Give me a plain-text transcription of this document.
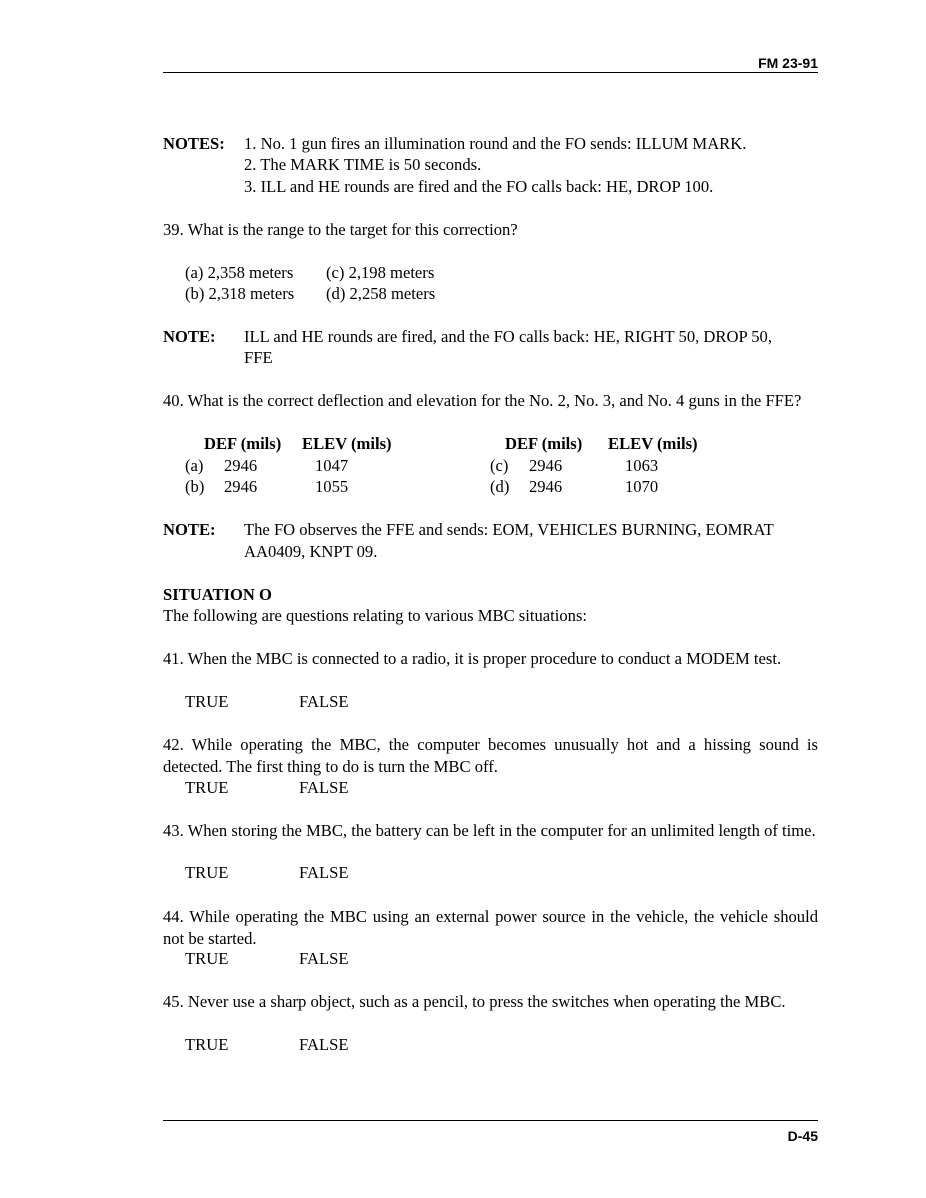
FM 23-91
NOTES: 1. No. 1 gun fires an illumination round and the FO sends: ILLUM MARK.
2. The MARK TIME is 50 seconds.
3. ILL and HE rounds are fired and the FO calls back: HE, DROP 100.
39. What is the range to the target for this correction?
(a) 2,358 meters (c) 2,198 meters
(b) 2,318 meters (d) 2,258 meters
NOTE: ILL and HE rounds are fired, and the FO calls back: HE, RIGHT 50, DROP 50,
FFE
40. What is the correct deflection and elevation for the No. 2, No. 3, and No. 4 guns in the FFE?
DEF (mils) ELEV (mils)	DEF (mils) ELEV (mils)
(a) 2946	1047	(c) 2946	1063
(b) 2946	1055	(d) 2946	1070
NOTE: The FO observes the FFE and sends: EOM, VEHICLES BURNING, EOMRAT
AA0409, KNPT 09.
SITUATION O
The following are questions relating to various MBC situations:
41. When the MBC is connected to a radio, it is proper procedure to conduct a MODEM test.
TRUE	FALSE
42. While operating the MBC, the computer becomes unusually hot and a hissing sound is detected. The first thing to do is turn the MBC off.
TRUE	FALSE
43. When storing the MBC, the battery can be left in the computer for an unlimited length of time.
TRUE	FALSE
44. While operating the MBC using an external power source in the vehicle, the vehicle should not be started.
TRUE	FALSE
45. Never use a sharp object, such as a pencil, to press the switches when operating the MBC.
TRUE	FALSE
D-45
